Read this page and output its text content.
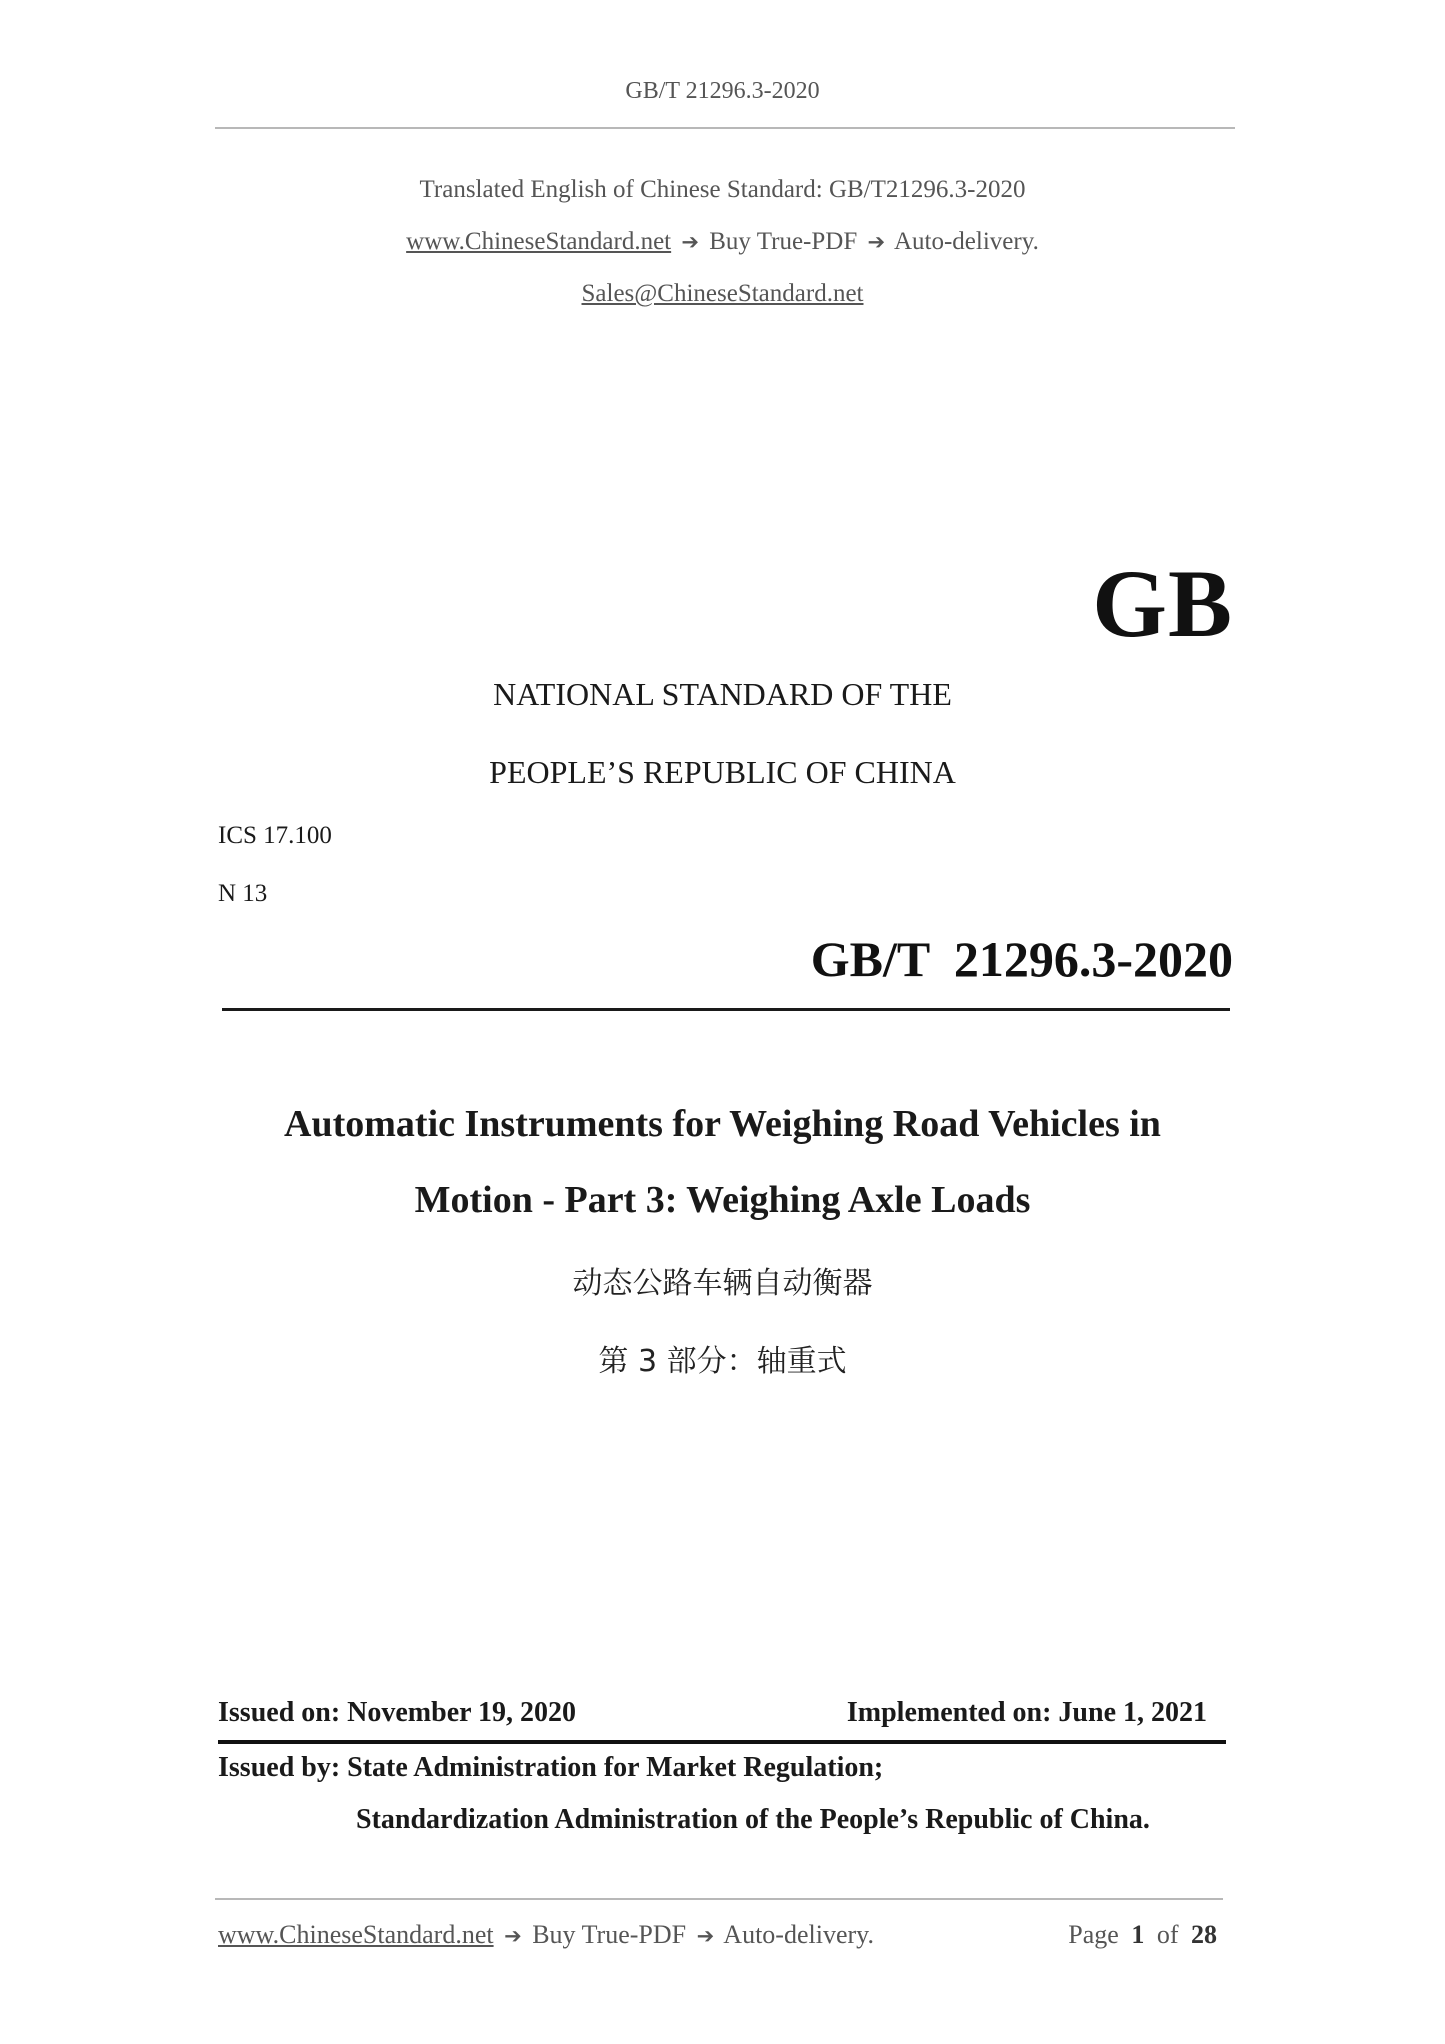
GB/T 21296.3-2020
Translated English of Chinese Standard: GB/T21296.3-2020
www.ChineseStandard.net ➔ Buy True-PDF ➔ Auto-delivery.
Sales@ChineseStandard.net
GB
NATIONAL STANDARD OF THE
PEOPLE’S REPUBLIC OF CHINA
ICS 17.100
N 13
GB/T 21296.3-2020
Automatic Instruments for Weighing Road Vehicles in
Motion - Part 3: Weighing Axle Loads
动态公路车辆自动衡器
第 3 部分：轴重式
Issued on: November 19, 2020	Implemented on: June 1, 2021
Issued by: State Administration for Market Regulation;
Standardization Administration of the People’s Republic of China.
www.ChineseStandard.net ➔ Buy True-PDF ➔ Auto-delivery.	Page 1 of 28
